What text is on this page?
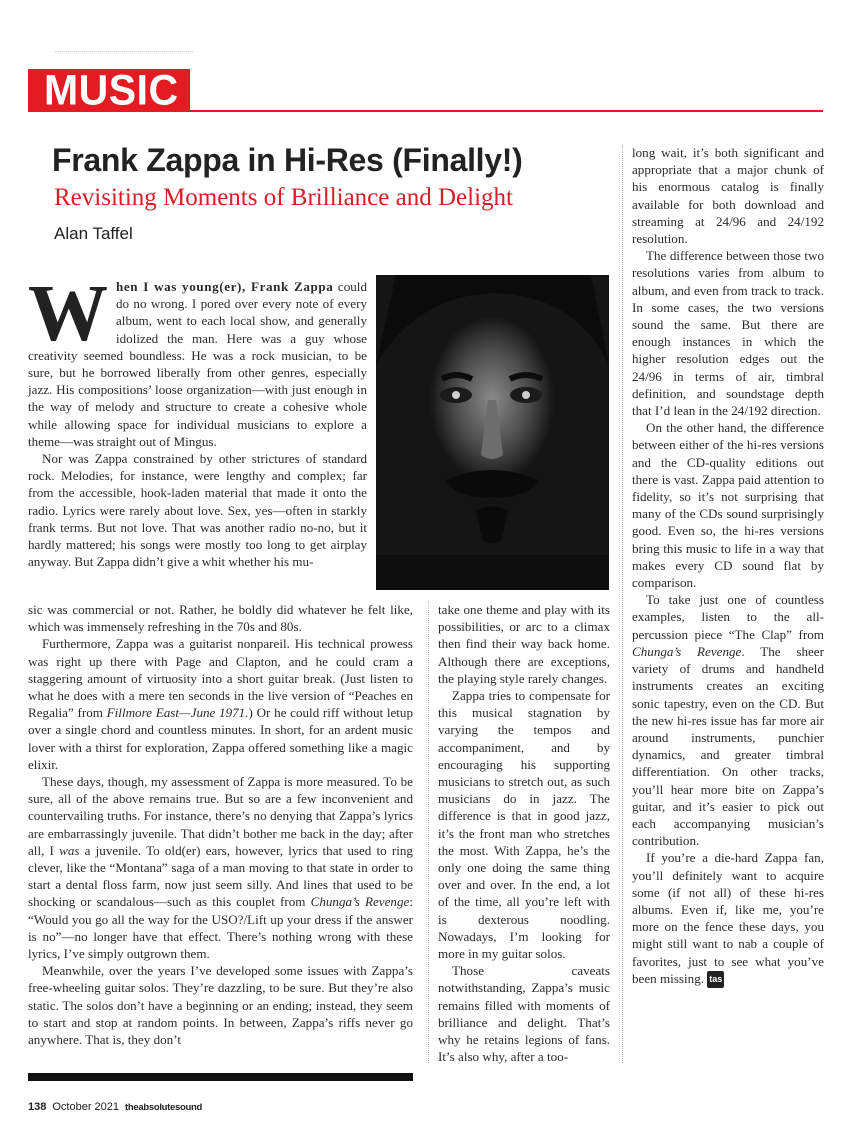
MUSIC
Frank Zappa in Hi-Res (Finally!)
Revisiting Moments of Brilliance and Delight
Alan Taffel

When I was young(er), Frank Zappa could do no wrong. I pored over every note of every album, went to each local show, and generally idolized the man. Here was a guy whose creativity seemed boundless. He was a rock musician, to be sure, but he borrowed liberally from other genres, especially jazz. His compositions’ loose organization—with just enough in the way of melody and structure to create a cohesive whole while allowing space for individual musicians to explore a theme—was straight out of Mingus.

Nor was Zappa constrained by other strictures of standard rock. Melodies, for instance, were lengthy and complex; far from the accessible, hook-laden material that made it onto the radio. Lyrics were rarely about love. Sex, yes—often in starkly frank terms. But not love. That was another radio no-no, but it hardly mattered; his songs were mostly too long to get airplay anyway. But Zappa didn’t give a whit whether his mu-

sic was commercial or not. Rather, he boldly did whatever he felt like, which was immensely refreshing in the 70s and 80s.

Furthermore, Zappa was a guitarist nonpareil. His technical prowess was right up there with Page and Clapton, and he could cram a staggering amount of virtuosity into a short guitar break. (Just listen to what he does with a mere ten seconds in the live version of “Peaches en Regalia” from Fillmore East—June 1971.) Or he could riff without letup over a single chord and countless minutes. In short, for an ardent music lover with a thirst for exploration, Zappa offered something like a magic elixir.

These days, though, my assessment of Zappa is more measured. To be sure, all of the above remains true. But so are a few inconvenient and countervailing truths. For instance, there’s no denying that Zappa’s lyrics are embarrassingly juvenile. That didn’t bother me back in the day; after all, I was a juvenile. To old(er) ears, however, lyrics that used to ring clever, like the “Montana” saga of a man moving to that state in order to start a dental floss farm, now just seem silly. And lines that used to be shocking or scandalous—such as this couplet from Chunga’s Revenge: “Would you go all the way for the USO?/Lift up your dress if the answer is no”—no longer have that effect. There’s nothing wrong with these lyrics, I’ve simply outgrown them.

Meanwhile, over the years I’ve developed some issues with Zappa’s free-wheeling guitar solos. They’re dazzling, to be sure. But they’re also static. The solos don’t have a beginning or an ending; instead, they seem to start and stop at random points. In between, Zappa’s riffs never go anywhere. That is, they don’t

take one theme and play with its possibilities, or arc to a climax then find their way back home. Although there are exceptions, the playing style rarely changes.

Zappa tries to compensate for this musical stagnation by varying the tempos and accompaniment, and by encouraging his supporting musicians to stretch out, as such musicians do in jazz. The difference is that in good jazz, it’s the front man who stretches the most. With Zappa, he’s the only one doing the same thing over and over. In the end, a lot of the time, all you’re left with is dexterous noodling. Nowadays, I’m looking for more in my guitar solos.

Those caveats notwithstanding, Zappa’s music remains filled with moments of brilliance and delight. That’s why he retains legions of fans. It’s also why, after a too-

long wait, it’s both significant and appropriate that a major chunk of his enormous catalog is finally available for both download and streaming at 24/96 and 24/192 resolution.

The difference between those two resolutions varies from album to album, and even from track to track. In some cases, the two versions sound the same. But there are enough instances in which the higher resolution edges out the 24/96 in terms of air, timbral definition, and soundstage depth that I’d lean in the 24/192 direction.

On the other hand, the difference between either of the hi-res versions and the CD-quality editions out there is vast. Zappa paid attention to fidelity, so it’s not surprising that many of the CDs sound surprisingly good. Even so, the hi-res versions bring this music to life in a way that makes every CD sound flat by comparison.

To take just one of countless examples, listen to the all-percussion piece “The Clap” from Chunga’s Revenge. The sheer variety of drums and handheld instruments creates an exciting sonic tapestry, even on the CD. But the new hi-res issue has far more air around instruments, punchier dynamics, and greater timbral differentiation. On other tracks, you’ll hear more bite on Zappa’s guitar, and it’s easier to pick out each accompanying musician’s contribution.

If you’re a die-hard Zappa fan, you’ll definitely want to acquire some (if not all) of these hi-res albums. Even if, like me, you’re more on the fence these days, you might still want to nab a couple of favorites, just to see what you’ve been missing. tas

138 October 2021 theabsolutesound
